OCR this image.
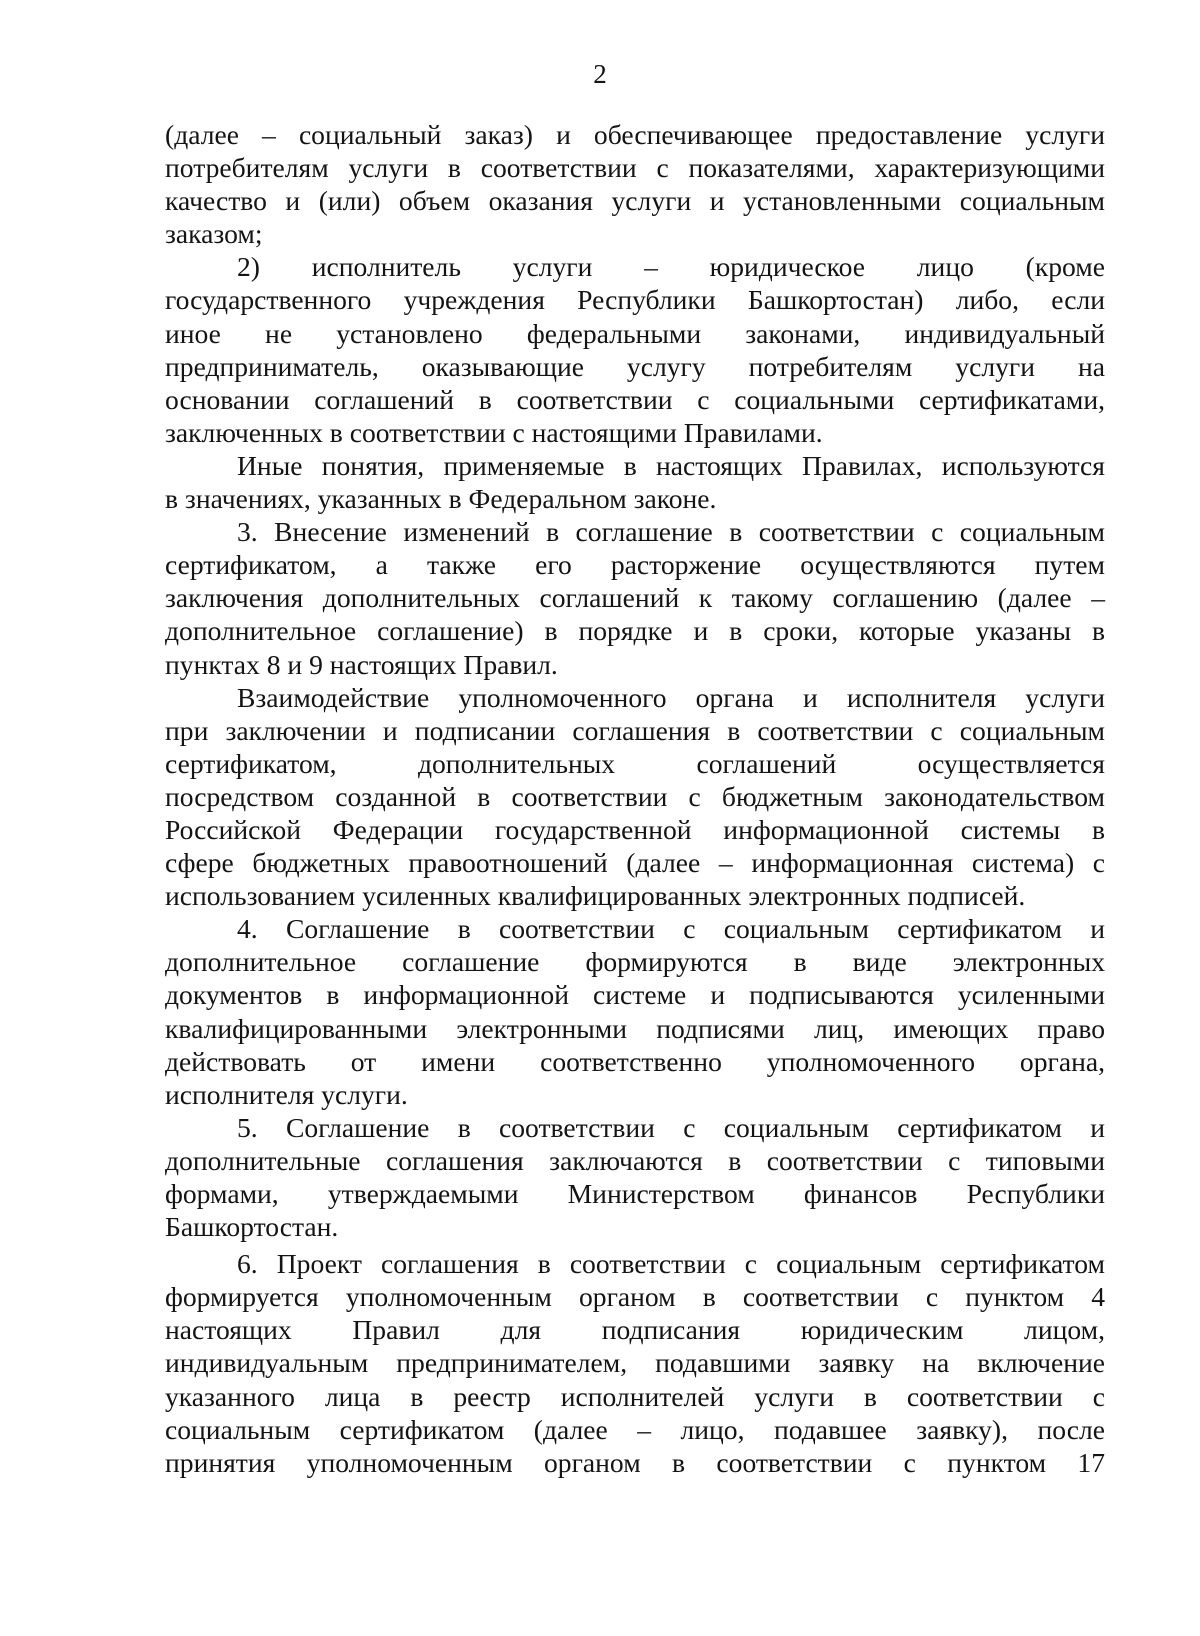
2
(далее – социальный заказ) и обеспечивающее предоставление услуги
потребителям услуги в соответствии с показателями, характеризующими
качество и (или) объем оказания услуги и установленными социальным
заказом;
2) исполнитель услуги – юридическое лицо (кроме
государственного учреждения Республики Башкортостан) либо, если
иное не установлено федеральными законами, индивидуальный
предприниматель, оказывающие услугу потребителям услуги на
основании соглашений в соответствии с социальными сертификатами,
заключенных в соответствии с настоящими Правилами.
Иные понятия, применяемые в настоящих Правилах, используются
в значениях, указанных в Федеральном законе.
3. Внесение изменений в соглашение в соответствии с социальным
сертификатом, а также его расторжение осуществляются путем
заключения дополнительных соглашений к такому соглашению (далее –
дополнительное соглашение) в порядке и в сроки, которые указаны в
пунктах 8 и 9 настоящих Правил.
Взаимодействие уполномоченного органа и исполнителя услуги
при заключении и подписании соглашения в соответствии с социальным
сертификатом, дополнительных соглашений осуществляется
посредством созданной в соответствии с бюджетным законодательством
Российской Федерации государственной информационной системы в
сфере бюджетных правоотношений (далее – информационная система) с
использованием усиленных квалифицированных электронных подписей.
4. Соглашение в соответствии с социальным сертификатом и
дополнительное соглашение формируются в виде электронных
документов в информационной системе и подписываются усиленными
квалифицированными электронными подписями лиц, имеющих право
действовать от имени соответственно уполномоченного органа,
исполнителя услуги.
5. Соглашение в соответствии с социальным сертификатом и
дополнительные соглашения заключаются в соответствии с типовыми
формами, утверждаемыми Министерством финансов Республики
Башкортостан.
6. Проект соглашения в соответствии с социальным сертификатом
формируется уполномоченным органом в соответствии с пунктом 4
настоящих Правил для подписания юридическим лицом,
индивидуальным предпринимателем, подавшими заявку на включение
указанного лица в реестр исполнителей услуги в соответствии с
социальным сертификатом (далее – лицо, подавшее заявку), после
принятия уполномоченным органом в соответствии с пунктом 17
